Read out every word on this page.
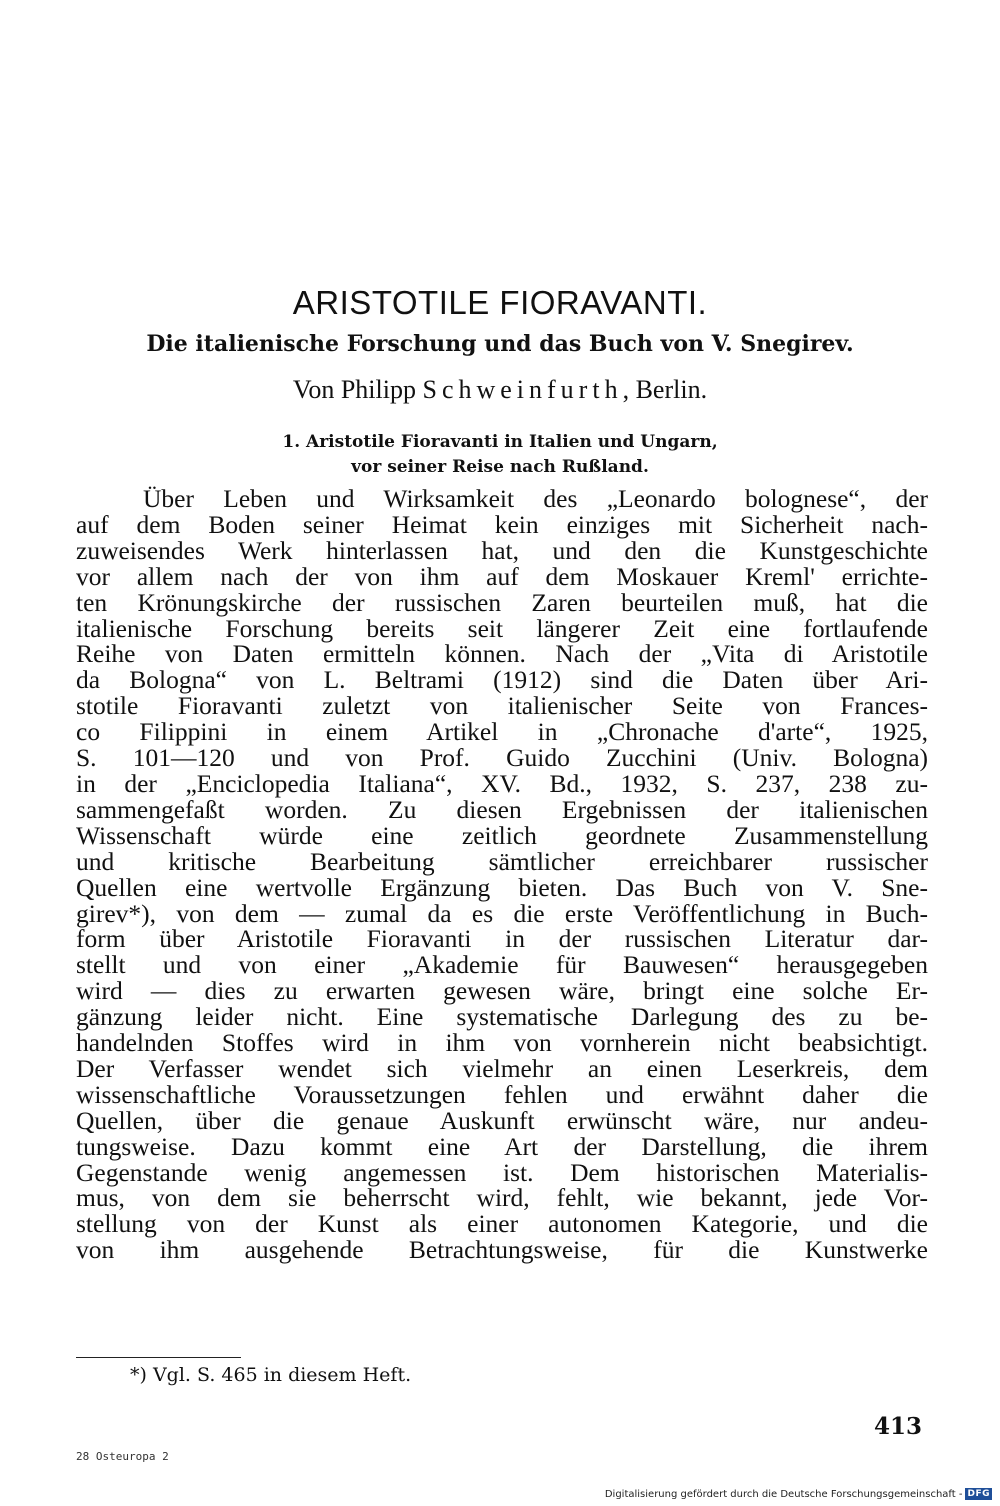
ARISTOTILE FIORAVANTI.
Die italienische Forschung und das Buch von V. Snegirev.

Von Philipp Schweinfurth, Berlin.

1. Aristotile Fioravanti in Italien und Ungarn,
vor seiner Reise nach Rußland.
Über Leben und Wirksamkeit des „Leonardo bolognese“, der
auf dem Boden seiner Heimat kein einziges mit Sicherheit nach-
zuweisendes Werk hinterlassen hat, und den die Kunstgeschichte
vor allem nach der von ihm auf dem Moskauer Kreml' errichte-
ten Krönungskirche der russischen Zaren beurteilen muß, hat die
italienische Forschung bereits seit längerer Zeit eine fortlaufende
Reihe von Daten ermitteln können. Nach der „Vita di Aristotile
da Bologna“ von L. Beltrami (1912) sind die Daten über Ari-
stotile Fioravanti zuletzt von italienischer Seite von Frances-
co Filippini in einem Artikel in „Chronache d'arte“, 1925,
S. 101—120 und von Prof. Guido Zucchini (Univ. Bologna)
in der „Enciclopedia Italiana“, XV. Bd., 1932, S. 237, 238 zu-
sammengefaßt worden. Zu diesen Ergebnissen der italienischen
Wissenschaft würde eine zeitlich geordnete Zusammenstellung
und kritische Bearbeitung sämtlicher erreichbarer russischer
Quellen eine wertvolle Ergänzung bieten. Das Buch von V. Sne-
girev*), von dem — zumal da es die erste Veröffentlichung in Buch-
form über Aristotile Fioravanti in der russischen Literatur dar-
stellt und von einer „Akademie für Bauwesen“ herausgegeben
wird — dies zu erwarten gewesen wäre, bringt eine solche Er-
gänzung leider nicht. Eine systematische Darlegung des zu be-
handelnden Stoffes wird in ihm von vornherein nicht beabsichtigt.
Der Verfasser wendet sich vielmehr an einen Leserkreis, dem
wissenschaftliche Voraussetzungen fehlen und erwähnt daher die
Quellen, über die genaue Auskunft erwünscht wäre, nur andeu-
tungsweise. Dazu kommt eine Art der Darstellung, die ihrem
Gegenstande wenig angemessen ist. Dem historischen Materialis-
mus, von dem sie beherrscht wird, fehlt, wie bekannt, jede Vor-
stellung von der Kunst als einer autonomen Kategorie, und die
von ihm ausgehende Betrachtungsweise, für die Kunstwerke
*) Vgl. S. 465 in diesem Heft.
413
28 Osteuropa 2
Digitalisierung gefördert durch die Deutsche Forschungsgemeinschaft - DFG
